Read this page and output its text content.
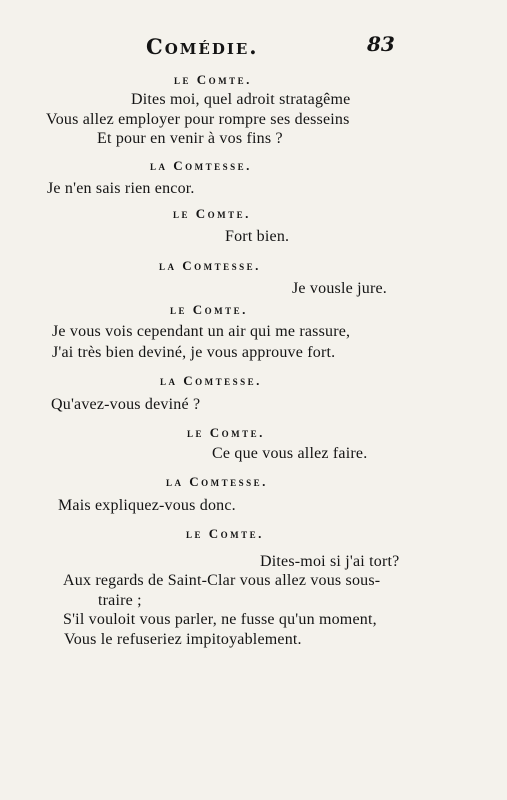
Comédie.	83
le Comte.
Dites moi, quel adroit stratagême
Vous allez employer pour rompre ses desseins
Et pour en venir à vos fins ?
la Comtesse.
Je n'en sais rien encor.
le Comte.
Fort bien.
la Comtesse.
Je vousle jure.
le Comte.
Je vous vois cependant un air qui me rassure,
J'ai très bien deviné, je vous approuve fort.
la Comtesse.
Qu'avez-vous deviné ?
le Comte.
Ce que vous allez faire.
la Comtesse.
Mais expliquez-vous donc.
le Comte.
Dites-moi si j'ai tort?
Aux regards de Saint-Clar vous allez vous sous-
traire ;
S'il vouloit vous parler, ne fusse qu'un moment,
Vous le refuseriez impitoyablement.
